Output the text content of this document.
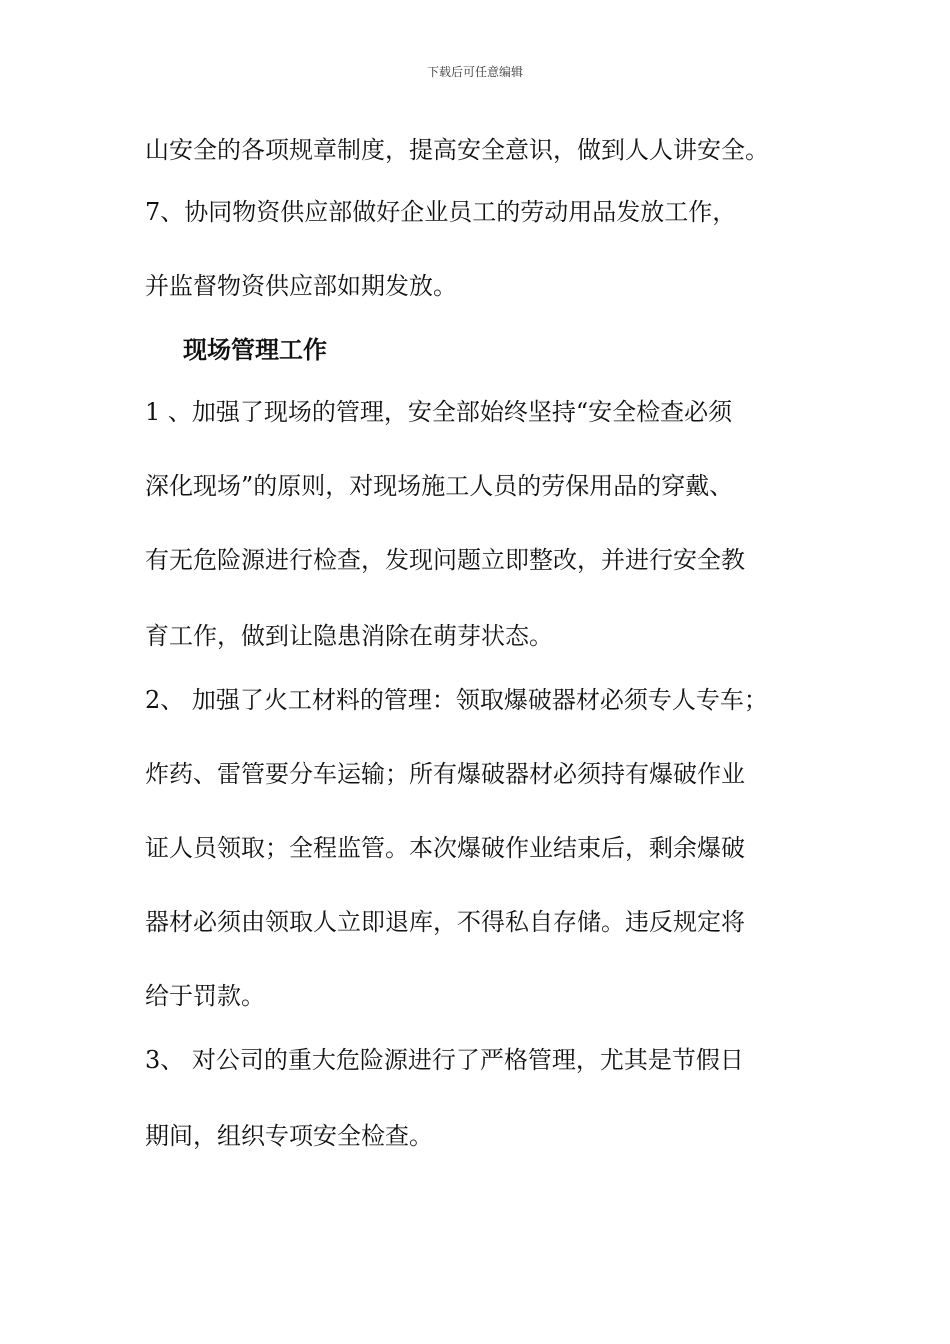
下载后可任意编辑
山安全的各项规章制度，提高安全意识，做到人人讲安全。
7、协同物资供应部做好企业员工的劳动用品发放工作，
并监督物资供应部如期发放。
现场管理工作
1 、加强了现场的管理，安全部始终坚持“安全检查必须
深化现场”的原则，对现场施工人员的劳保用品的穿戴、
有无危险源进行检查，发现问题立即整改，并进行安全教
育工作，做到让隐患消除在萌芽状态。
2、 加强了火工材料的管理：领取爆破器材必须专人专车；
炸药、雷管要分车运输；所有爆破器材必须持有爆破作业
证人员领取；全程监管。本次爆破作业结束后，剩余爆破
器材必须由领取人立即退库，不得私自存储。违反规定将
给于罚款。
3、 对公司的重大危险源进行了严格管理，尤其是节假日
期间，组织专项安全检查。
